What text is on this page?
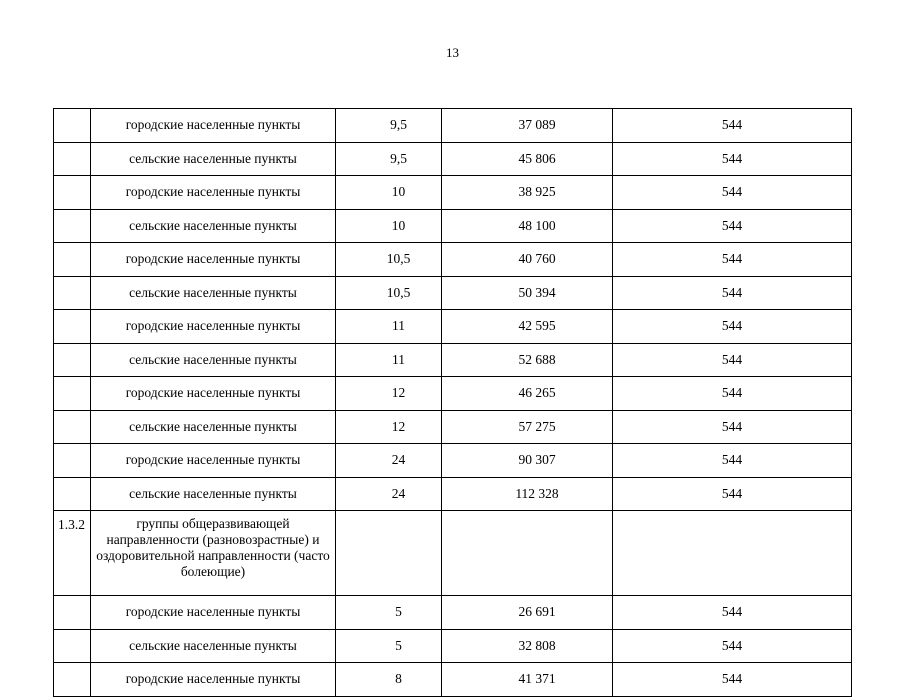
13
	городские населенные пункты	9,5	37 089	544
	сельские населенные пункты	9,5	45 806	544
	городские населенные пункты	10	38 925	544
	сельские населенные пункты	10	48 100	544
	городские населенные пункты	10,5	40 760	544
	сельские населенные пункты	10,5	50 394	544
	городские населенные пункты	11	42 595	544
	сельские населенные пункты	11	52 688	544
	городские населенные пункты	12	46 265	544
	сельские населенные пункты	12	57 275	544
	городские населенные пункты	24	90 307	544
	сельские населенные пункты	24	112 328	544
1.3.2	группы общеразвивающей направленности (разновозрастные) и оздоровительной направленности (часто болеющие)			
	городские населенные пункты	5	26 691	544
	сельские населенные пункты	5	32 808	544
	городские населенные пункты	8	41 371	544
